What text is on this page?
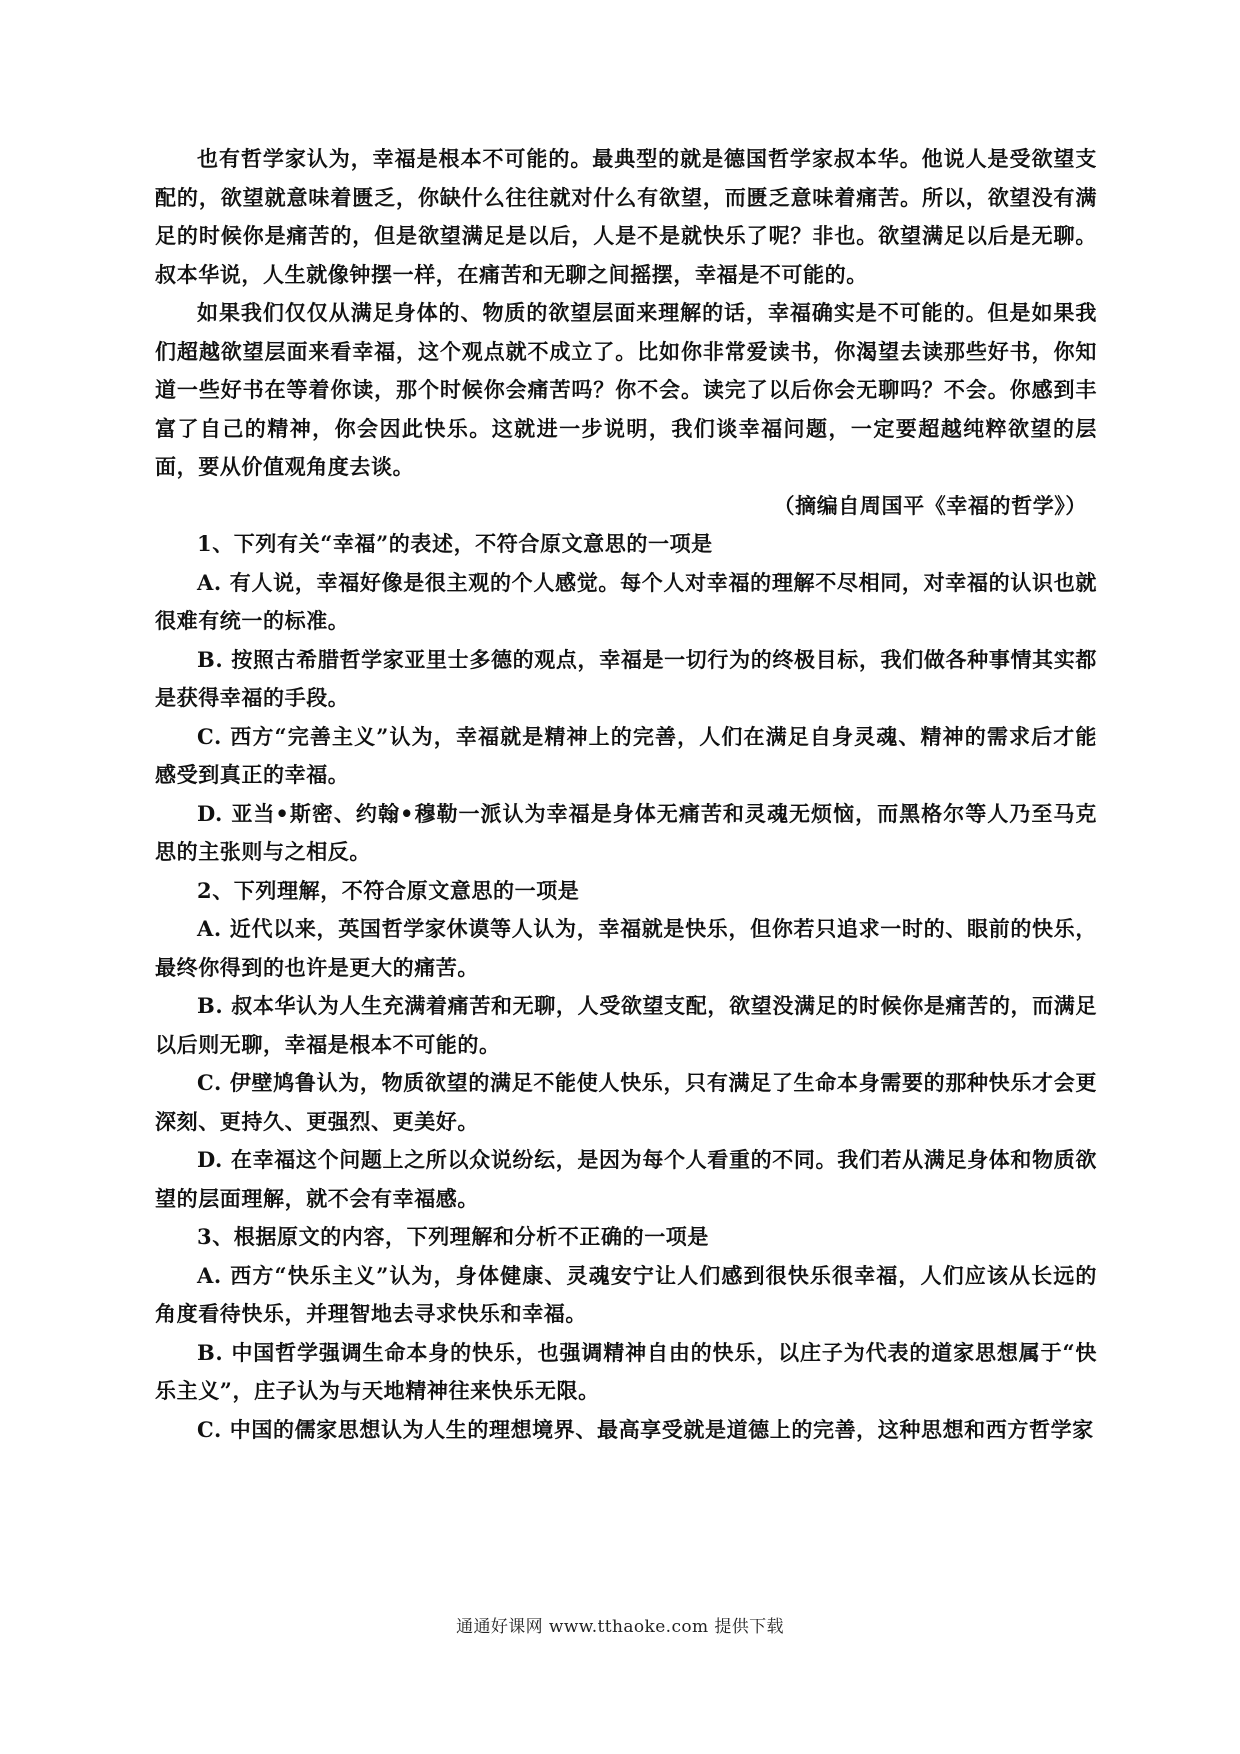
也有哲学家认为，幸福是根本不可能的。最典型的就是德国哲学家叔本华。他说人是受欲望支配的，欲望就意味着匮乏，你缺什么往往就对什么有欲望，而匮乏意味着痛苦。所以，欲望没有满足的时候你是痛苦的，但是欲望满足是以后，人是不是就快乐了呢？非也。欲望满足以后是无聊。叔本华说，人生就像钟摆一样，在痛苦和无聊之间摇摆，幸福是不可能的。

如果我们仅仅从满足身体的、物质的欲望层面来理解的话，幸福确实是不可能的。但是如果我们超越欲望层面来看幸福，这个观点就不成立了。比如你非常爱读书，你渴望去读那些好书，你知道一些好书在等着你读，那个时候你会痛苦吗？你不会。读完了以后你会无聊吗？不会。你感到丰富了自己的精神，你会因此快乐。这就进一步说明，我们谈幸福问题，一定要超越纯粹欲望的层面，要从价值观角度去谈。

（摘编自周国平《幸福的哲学》）

1、下列有关“幸福”的表述，不符合原文意思的一项是

A. 有人说，幸福好像是很主观的个人感觉。每个人对幸福的理解不尽相同，对幸福的认识也就很难有统一的标准。

B. 按照古希腊哲学家亚里士多德的观点，幸福是一切行为的终极目标，我们做各种事情其实都是获得幸福的手段。

C. 西方“完善主义”认为，幸福就是精神上的完善，人们在满足自身灵魂、精神的需求后才能感受到真正的幸福。

D. 亚当•斯密、约翰•穆勒一派认为幸福是身体无痛苦和灵魂无烦恼，而黑格尔等人乃至马克思的主张则与之相反。

2、下列理解，不符合原文意思的一项是

A. 近代以来，英国哲学家休谟等人认为，幸福就是快乐，但你若只追求一时的、眼前的快乐，最终你得到的也许是更大的痛苦。

B. 叔本华认为人生充满着痛苦和无聊，人受欲望支配，欲望没满足的时候你是痛苦的，而满足以后则无聊，幸福是根本不可能的。

C. 伊壁鸠鲁认为，物质欲望的满足不能使人快乐，只有满足了生命本身需要的那种快乐才会更深刻、更持久、更强烈、更美好。

D. 在幸福这个问题上之所以众说纷纭，是因为每个人看重的不同。我们若从满足身体和物质欲望的层面理解，就不会有幸福感。

3、根据原文的内容，下列理解和分析不正确的一项是

A. 西方“快乐主义”认为，身体健康、灵魂安宁让人们感到很快乐很幸福，人们应该从长远的角度看待快乐，并理智地去寻求快乐和幸福。

B. 中国哲学强调生命本身的快乐，也强调精神自由的快乐，以庄子为代表的道家思想属于“快乐主义”，庄子认为与天地精神往来快乐无限。

C. 中国的儒家思想认为人生的理想境界、最高享受就是道德上的完善，这种思想和西方哲学家

通通好课网 www.tthaoke.com 提供下载
